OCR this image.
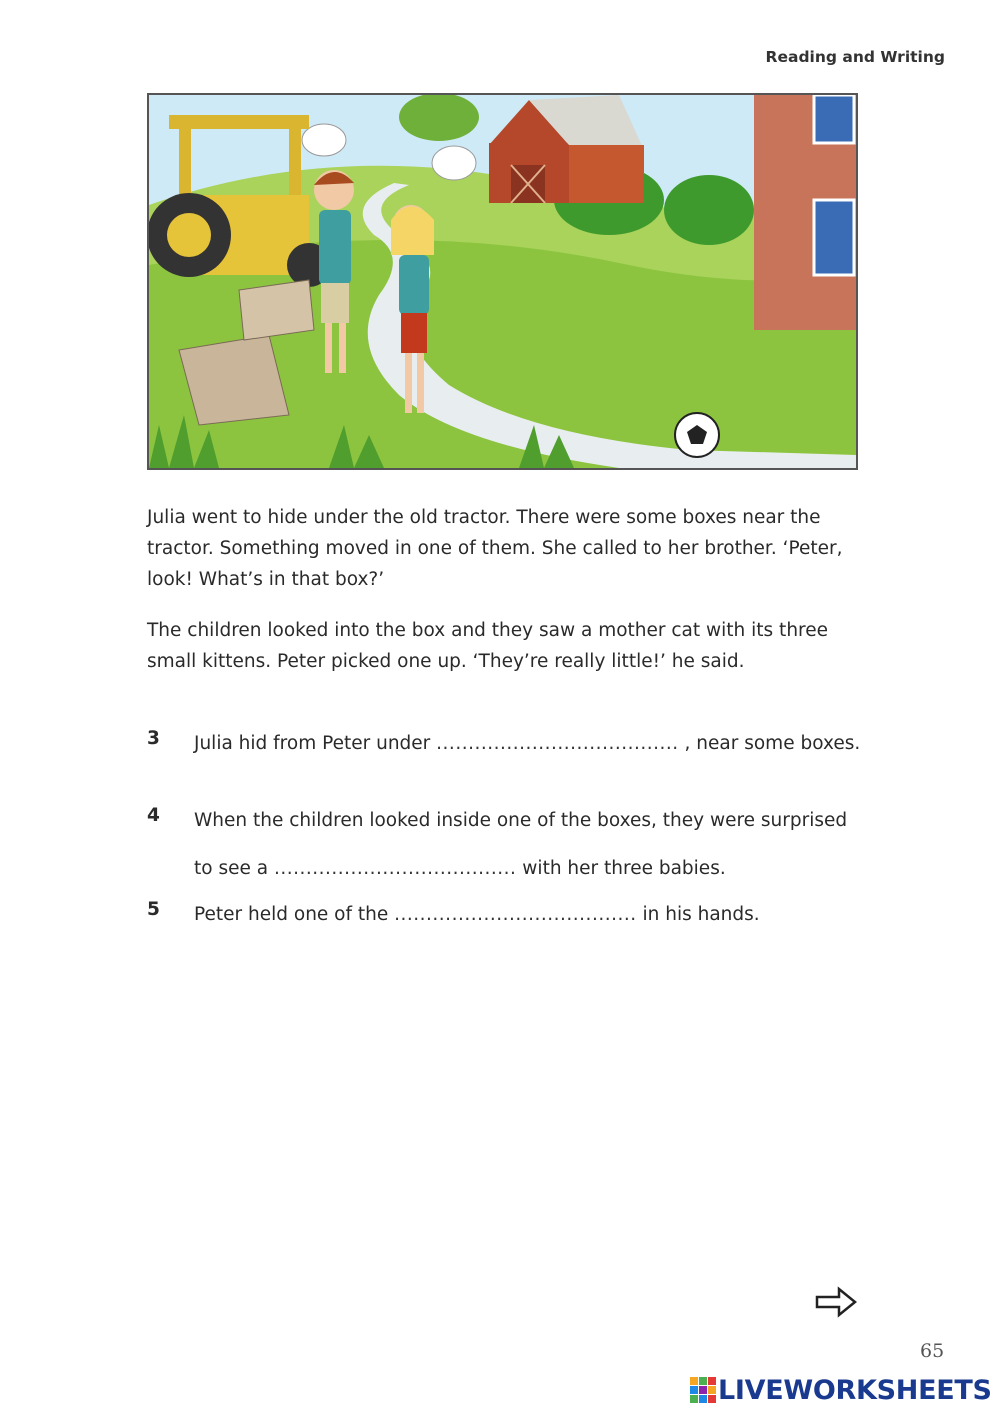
Reading and Writing

Julia went to hide under the old tractor. There were some boxes near the tractor. Something moved in one of them. She called to her brother. ‘Peter, look! What’s in that box?’

The children looked into the box and they saw a mother cat with its three small kittens. Peter picked one up. ‘They’re really little!’ he said.

3 Julia hid from Peter under ...................................... , near some boxes.
4 When the children looked inside one of the boxes, they were surprised
to see a ...................................... with her three babies.
5 Peter held one of the ...................................... in his hands.
65
LIVEWORKSHEETS
